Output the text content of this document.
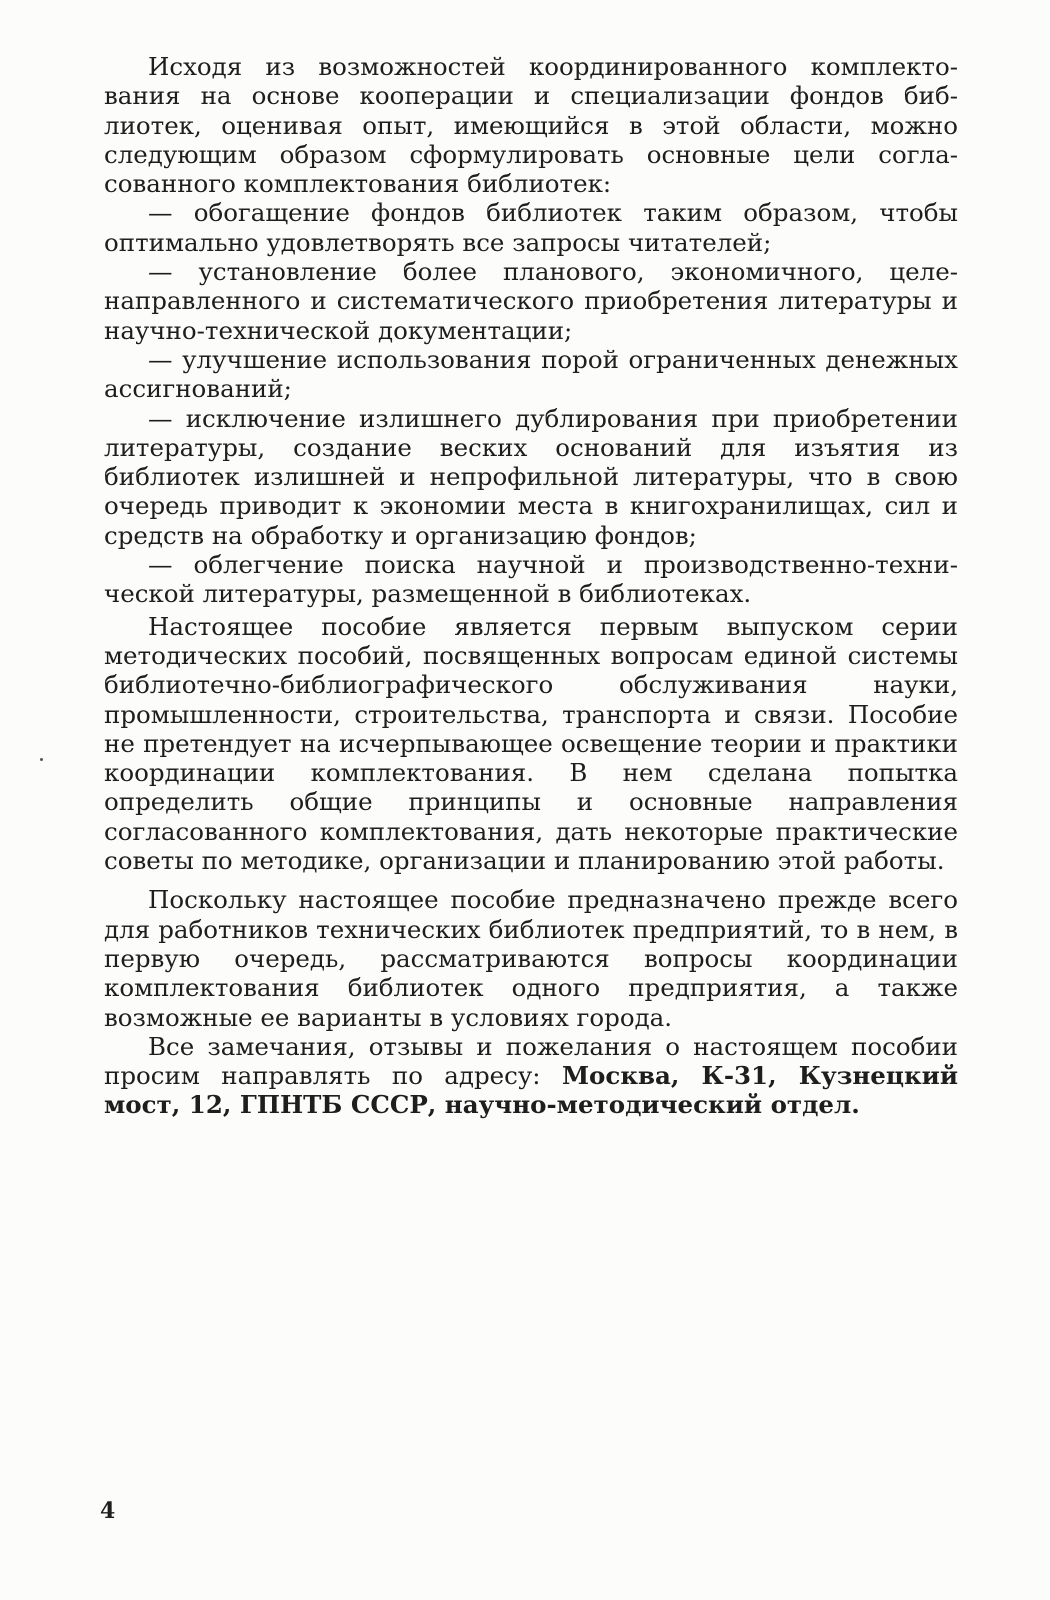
Исходя из возможностей координированного комплектования на основе кооперации и специализации фондов библиотек, оценивая опыт, имеющийся в этой области, можно следующим образом сформулировать основные цели согласованного комплектования библиотек:

— обогащение фондов библиотек таким образом, чтобы оптимально удовлетворять все запросы читателей;

— установление более планового, экономичного, целенаправленного и систематического приобретения литературы и научно-технической документации;

— улучшение использования порой ограниченных денежных ассигнований;

— исключение излишнего дублирования при приобретении литературы, создание веских оснований для изъятия из библиотек излишней и непрофильной литературы, что в свою очередь приводит к экономии места в книгохранилищах, сил и средств на обработку и организацию фондов;

— облегчение поиска научной и производственно-технической литературы, размещенной в библиотеках.

Настоящее пособие является первым выпуском серии методических пособий, посвященных вопросам единой системы библиотечно-библиографического обслуживания науки, промышленности, строительства, транспорта и связи. Пособие не претендует на исчерпывающее освещение теории и практики координации комплектования. В нем сделана попытка определить общие принципы и основные направления согласованного комплектования, дать некоторые практические советы по методике, организации и планированию этой работы.

Поскольку настоящее пособие предназначено прежде всего для работников технических библиотек предприятий, то в нем, в первую очередь, рассматриваются вопросы координации комплектования библиотек одного предприятия, а также возможные ее варианты в условиях города.

Все замечания, отзывы и пожелания о настоящем пособии просим направлять по адресу: Москва, К-31, Кузнецкий мост, 12, ГПНТБ СССР, научно-методический отдел.

4
